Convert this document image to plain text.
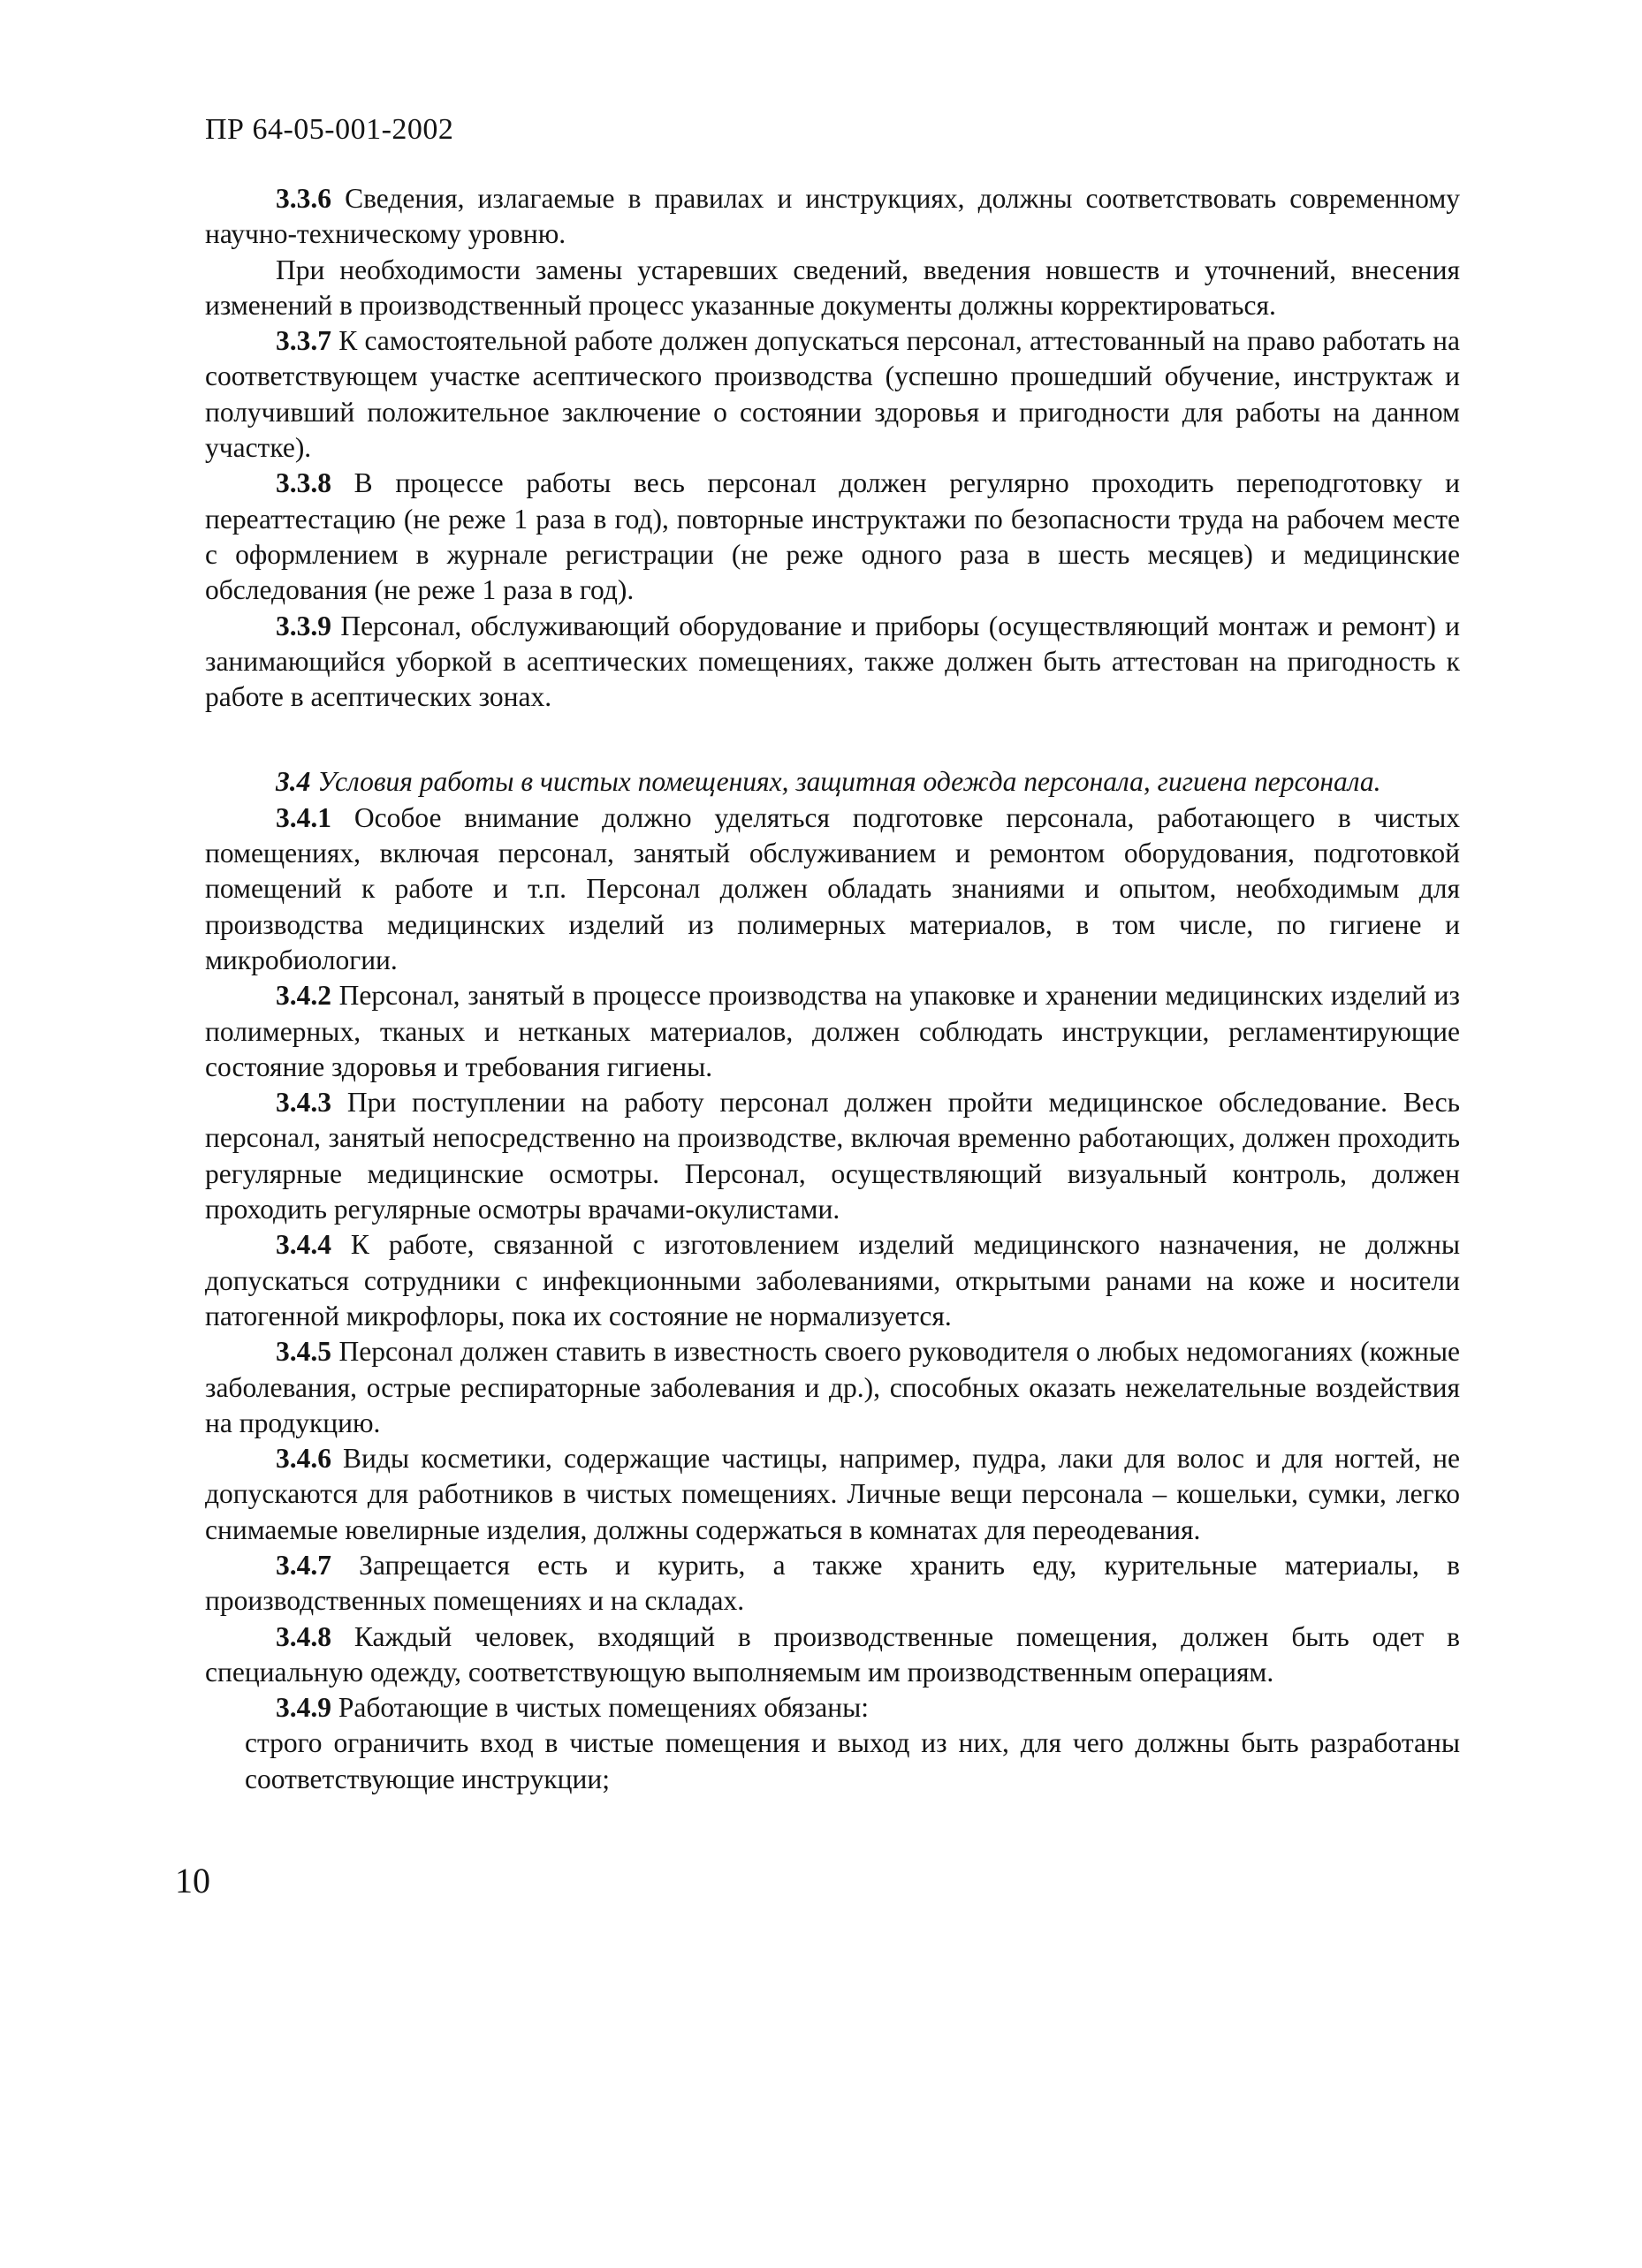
ПР 64-05-001-2002

3.3.6 Сведения, излагаемые в правилах и инструкциях, должны соответствовать современному научно-техническому уровню.

При необходимости замены устаревших сведений, введения новшеств и уточнений, внесения изменений в производственный процесс указанные документы должны корректироваться.

3.3.7 К самостоятельной работе должен допускаться персонал, аттестованный на право работать на соответствующем участке асептического производства (успешно прошедший обучение, инструктаж и получивший положительное заключение о состоянии здоровья и пригодности для работы на данном участке).

3.3.8 В процессе работы весь персонал должен регулярно проходить переподготовку и переаттестацию (не реже 1 раза в год), повторные инструктажи по безопасности труда на рабочем месте с оформлением в журнале регистрации (не реже одного раза в шесть месяцев) и медицинские обследования (не реже 1 раза в год).

3.3.9 Персонал, обслуживающий оборудование и приборы (осуществляющий монтаж и ремонт) и занимающийся уборкой в асептических помещениях, также должен быть аттестован на пригодность к работе в асептических зонах.

3.4 Условия работы в чистых помещениях, защитная одежда персонала, гигиена персонала.

3.4.1 Особое внимание должно уделяться подготовке персонала, работающего в чистых помещениях, включая персонал, занятый обслуживанием и ремонтом оборудования, подготовкой помещений к работе и т.п. Персонал должен обладать знаниями и опытом, необходимым для производства медицинских изделий из полимерных материалов, в том числе, по гигиене и микробиологии.

3.4.2 Персонал, занятый в процессе производства на упаковке и хранении медицинских изделий из полимерных, тканых и нетканых материалов, должен соблюдать инструкции, регламентирующие состояние здоровья и требования гигиены.

3.4.3 При поступлении на работу персонал должен пройти медицинское обследование. Весь персонал, занятый непосредственно на производстве, включая временно работающих, должен проходить регулярные медицинские осмотры. Персонал, осуществляющий визуальный контроль, должен проходить регулярные осмотры врачами-окулистами.

3.4.4 К работе, связанной с изготовлением изделий медицинского назначения, не должны допускаться сотрудники с инфекционными заболеваниями, открытыми ранами на коже и носители патогенной микрофлоры, пока их состояние не нормализуется.

3.4.5 Персонал должен ставить в известность своего руководителя о любых недомоганиях (кожные заболевания, острые респираторные заболевания и др.), способных оказать нежелательные воздействия на продукцию.

3.4.6 Виды косметики, содержащие частицы, например, пудра, лаки для волос и для ногтей, не допускаются для работников в чистых помещениях. Личные вещи персонала – кошельки, сумки, легко снимаемые ювелирные изделия, должны содержаться в комнатах для переодевания.

3.4.7 Запрещается есть и курить, а также хранить еду, курительные материалы, в производственных помещениях и на складах.

3.4.8 Каждый человек, входящий в производственные помещения, должен быть одет в специальную одежду, соответствующую выполняемым им производственным операциям.

3.4.9 Работающие в чистых помещениях обязаны:

строго ограничить вход в чистые помещения и выход из них, для чего должны быть разработаны соответствующие инструкции;

10
